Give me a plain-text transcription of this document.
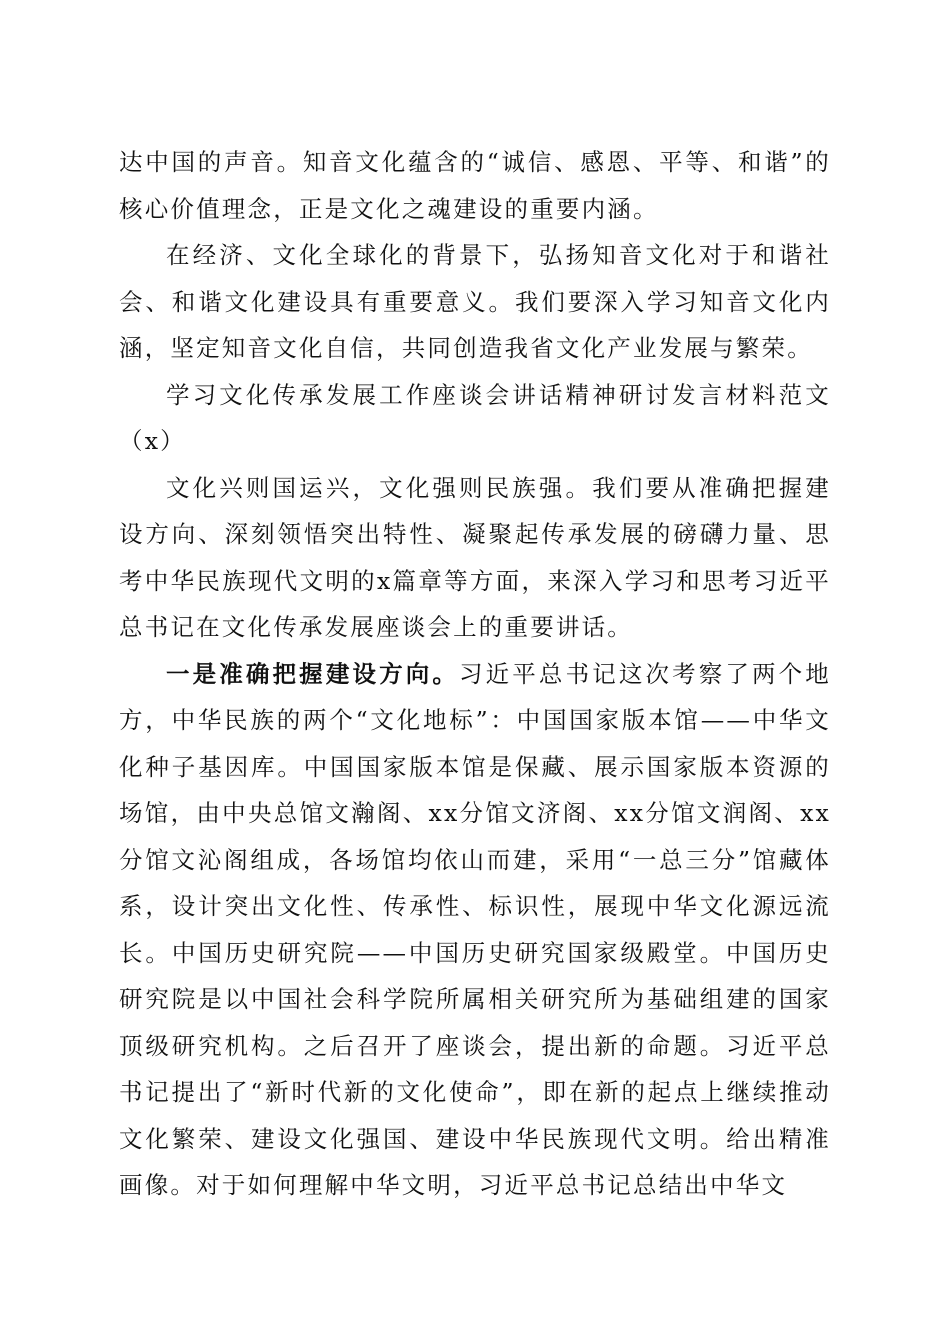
达中国的声音。知音文化蕴含的“诚信、感恩、平等、和谐”的核心价值理念，正是文化之魂建设的重要内涵。

在经济、文化全球化的背景下，弘扬知音文化对于和谐社会、和谐文化建设具有重要意义。我们要深入学习知音文化内涵，坚定知音文化自信，共同创造我省文化产业发展与繁荣。

学习文化传承发展工作座谈会讲话精神研讨发言材料范文（x）

文化兴则国运兴，文化强则民族强。我们要从准确把握建设方向、深刻领悟突出特性、凝聚起传承发展的磅礴力量、思考中华民族现代文明的x篇章等方面，来深入学习和思考习近平总书记在文化传承发展座谈会上的重要讲话。

一是准确把握建设方向。习近平总书记这次考察了两个地方，中华民族的两个“文化地标”：中国国家版本馆——中华文化种子基因库。中国国家版本馆是保藏、展示国家版本资源的场馆，由中央总馆文瀚阁、xx分馆文济阁、xx分馆文润阁、xx分馆文沁阁组成，各场馆均依山而建，采用“一总三分”馆藏体系，设计突出文化性、传承性、标识性，展现中华文化源远流长。中国历史研究院——中国历史研究国家级殿堂。中国历史研究院是以中国社会科学院所属相关研究所为基础组建的国家顶级研究机构。之后召开了座谈会，提出新的命题。习近平总书记提出了“新时代新的文化使命”，即在新的起点上继续推动文化繁荣、建设文化强国、建设中华民族现代文明。给出精准画像。对于如何理解中华文明，习近平总书记总结出中华文
